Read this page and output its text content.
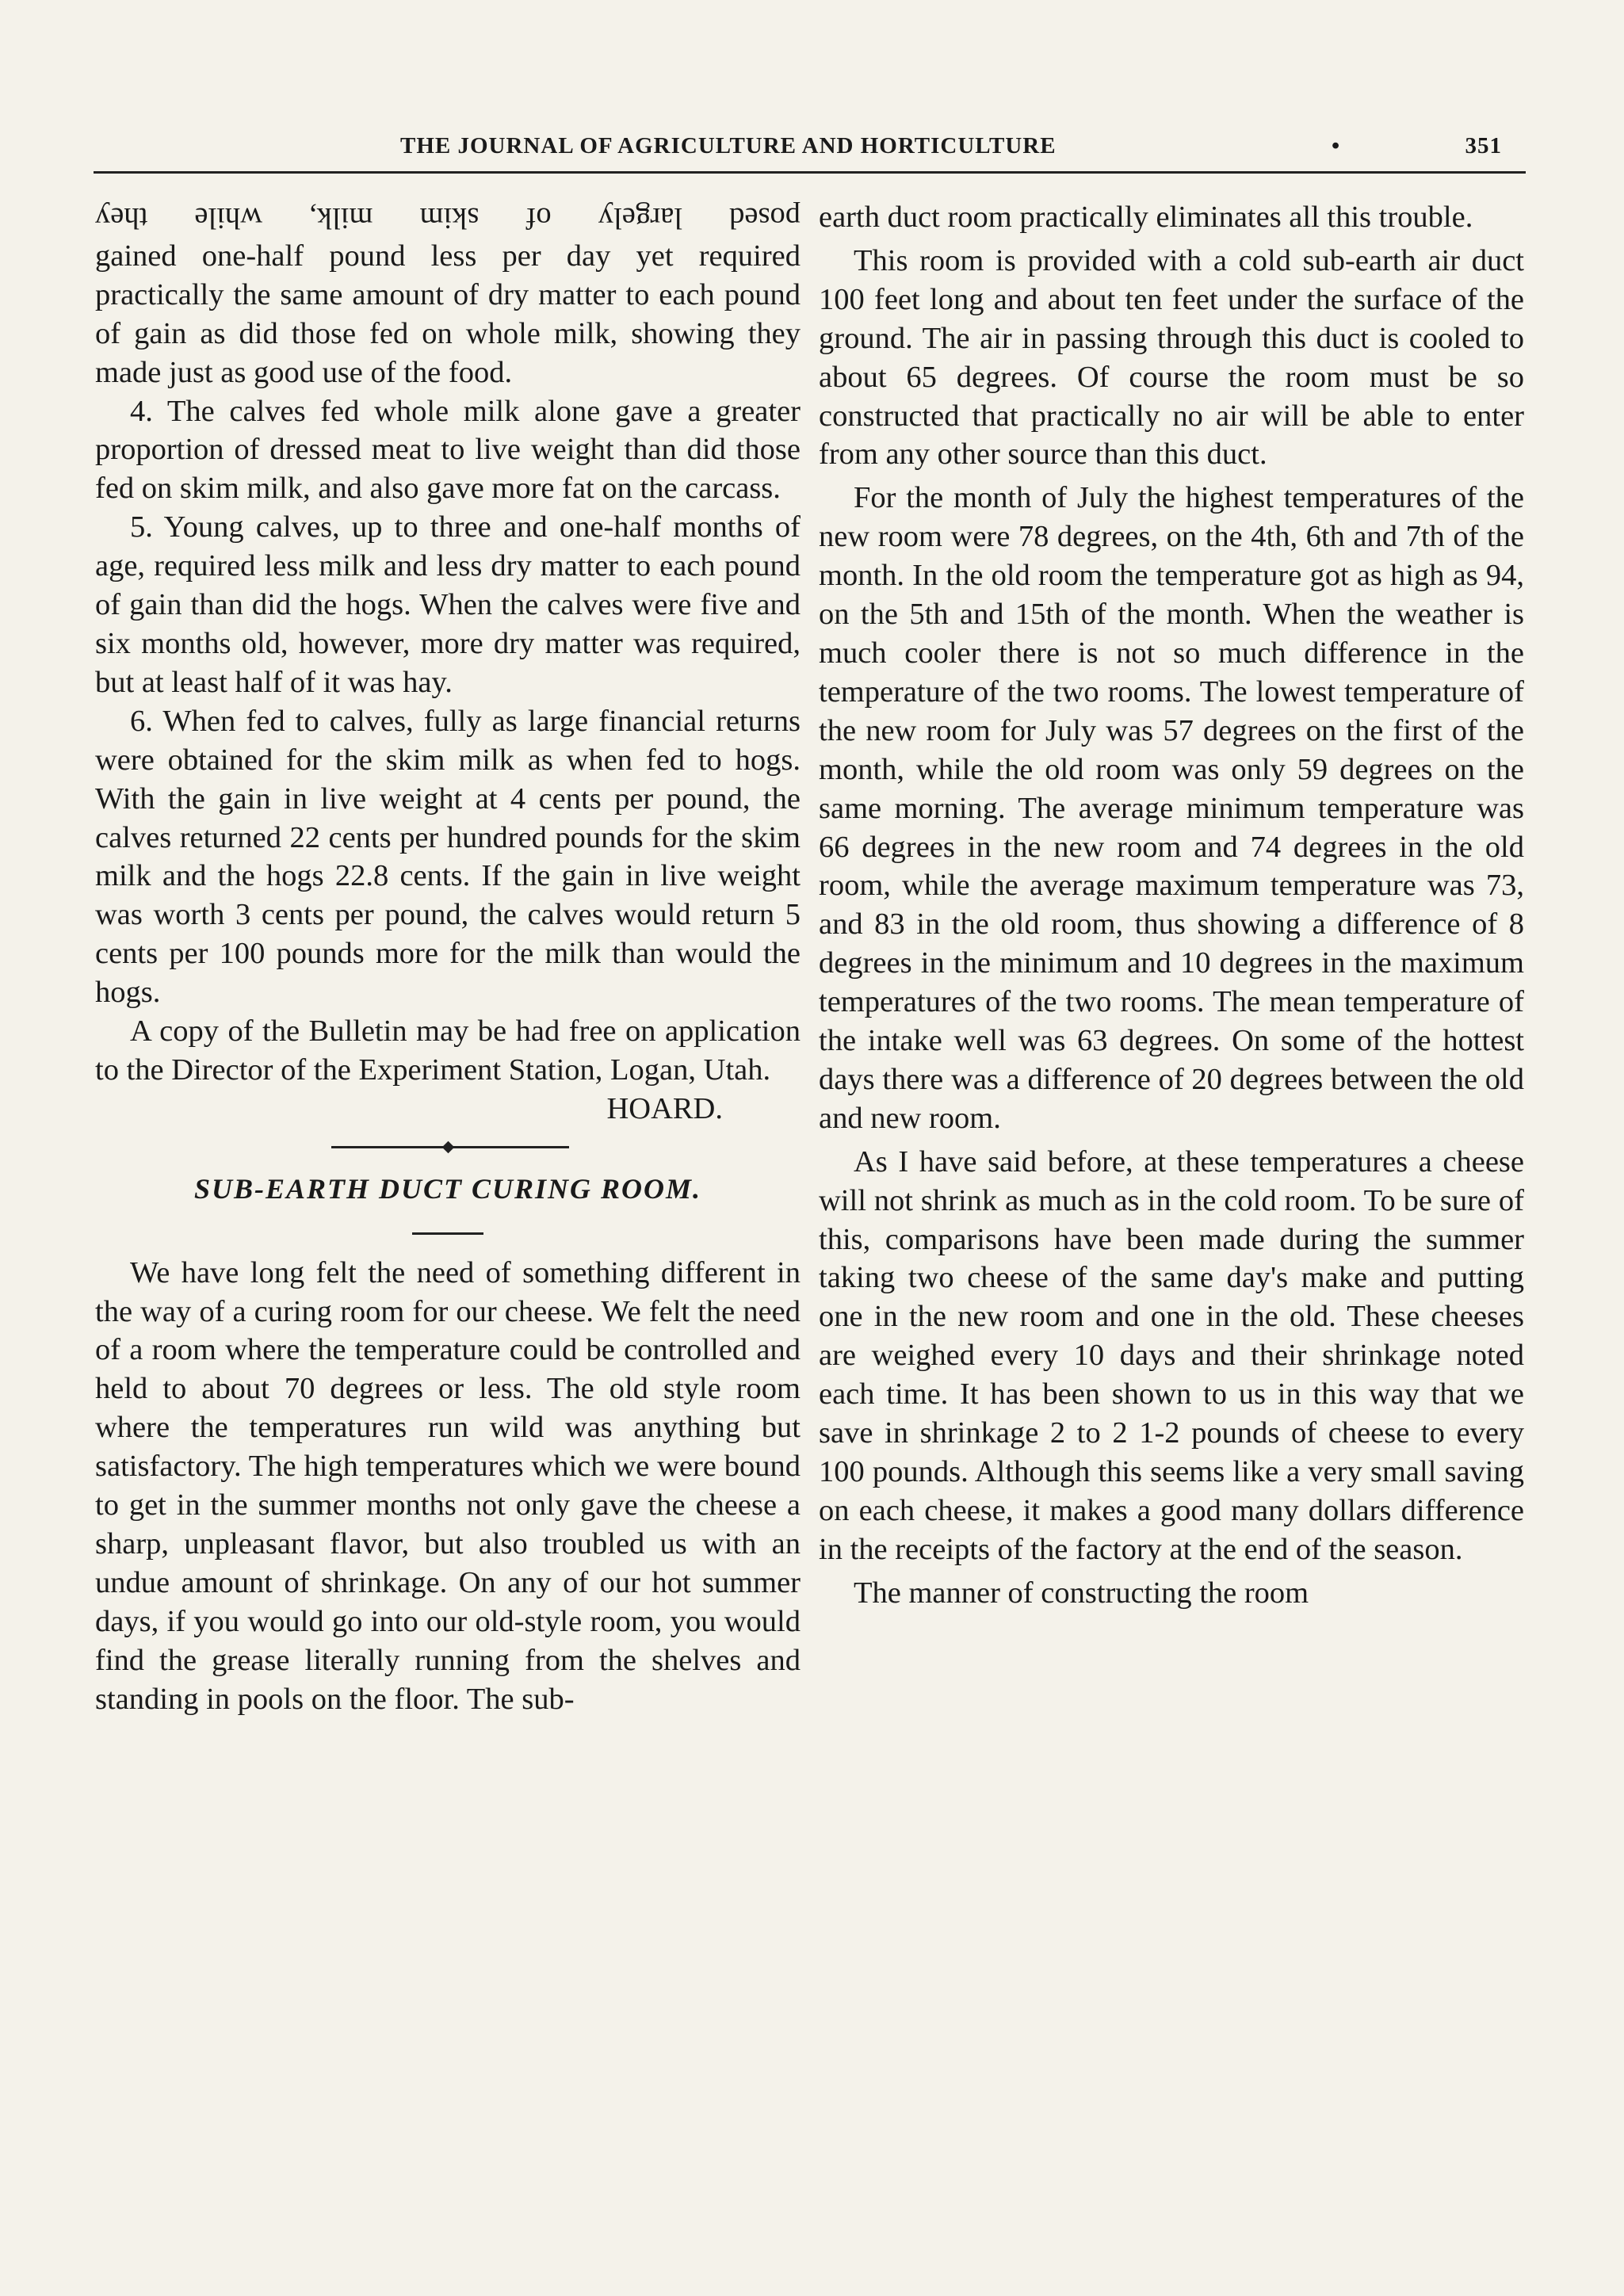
THE JOURNAL OF AGRICULTURE AND HORTICULTURE	•	351

posed largely of skim milk, while they

gained one-half pound less per day yet required practically the same amount of dry matter to each pound of gain as did those fed on whole milk, showing they made just as good use of the food.

4. The calves fed whole milk alone gave a greater proportion of dressed meat to live weight than did those fed on skim milk, and also gave more fat on the carcass.

5. Young calves, up to three and one-half months of age, required less milk and less dry matter to each pound of gain than did the hogs. When the calves were five and six months old, however, more dry matter was required, but at least half of it was hay.

6. When fed to calves, fully as large financial returns were obtained for the skim milk as when fed to hogs. With the gain in live weight at 4 cents per pound, the calves returned 22 cents per hundred pounds for the skim milk and the hogs 22.8 cents. If the gain in live weight was worth 3 cents per pound, the calves would return 5 cents per 100 pounds more for the milk than would the hogs.

A copy of the Bulletin may be had free on application to the Director of the Experiment Station, Logan, Utah.

HOARD.

SUB-EARTH DUCT CURING ROOM.

We have long felt the need of something different in the way of a curing room for our cheese. We felt the need of a room where the temperature could be controlled and held to about 70 degrees or less. The old style room where the temperatures run wild was anything but satisfactory. The high temperatures which we were bound to get in the summer months not only gave the cheese a sharp, unpleasant flavor, but also troubled us with an undue amount of shrinkage. On any of our hot summer days, if you would go into our old-style room, you would find the grease literally running from the shelves and standing in pools on the floor. The sub-

earth duct room practically eliminates all this trouble.

This room is provided with a cold sub-earth air duct 100 feet long and about ten feet under the surface of the ground. The air in passing through this duct is cooled to about 65 degrees. Of course the room must be so constructed that practically no air will be able to enter from any other source than this duct.

For the month of July the highest temperatures of the new room were 78 degrees, on the 4th, 6th and 7th of the month. In the old room the temperature got as high as 94, on the 5th and 15th of the month. When the weather is much cooler there is not so much difference in the temperature of the two rooms. The lowest temperature of the new room for July was 57 degrees on the first of the month, while the old room was only 59 degrees on the same morning. The average minimum temperature was 66 degrees in the new room and 74 degrees in the old room, while the average maximum temperature was 73, and 83 in the old room, thus showing a difference of 8 degrees in the minimum and 10 degrees in the maximum temperatures of the two rooms. The mean temperature of the intake well was 63 degrees. On some of the hottest days there was a difference of 20 degrees between the old and new room.

As I have said before, at these temperatures a cheese will not shrink as much as in the cold room. To be sure of this, comparisons have been made during the summer taking two cheese of the same day's make and putting one in the new room and one in the old. These cheeses are weighed every 10 days and their shrinkage noted each time. It has been shown to us in this way that we save in shrinkage 2 to 2 1-2 pounds of cheese to every 100 pounds. Although this seems like a very small saving on each cheese, it makes a good many dollars difference in the receipts of the factory at the end of the season.

The manner of constructing the room
